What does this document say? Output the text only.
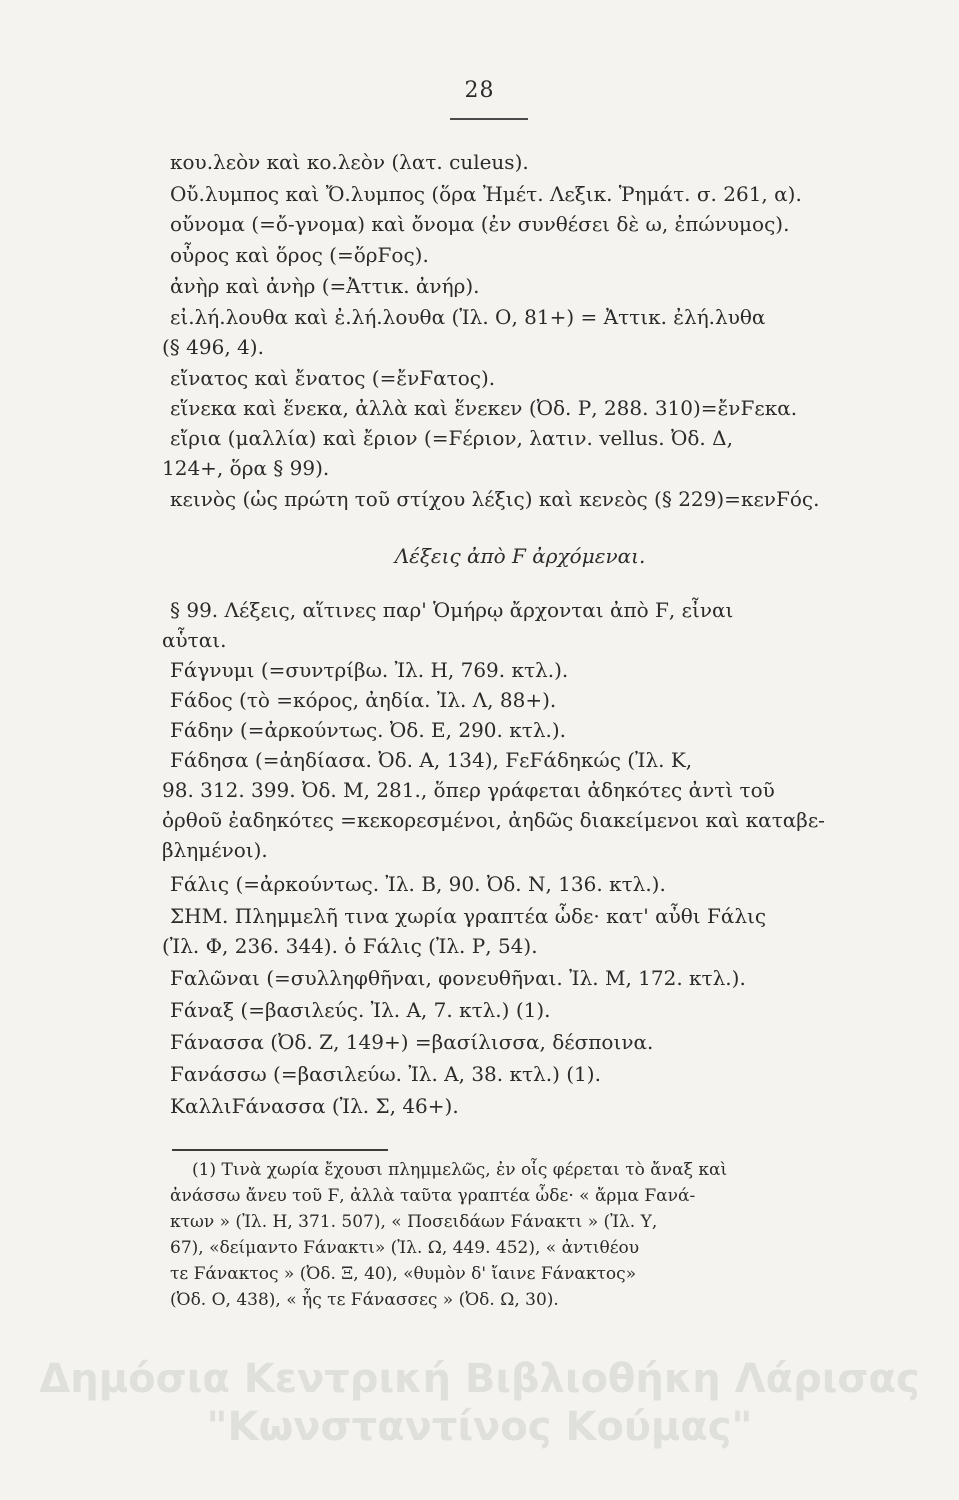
28
κου.λεὸν καὶ κο.λεὸν (λατ. culeus).
Οὔ.λυμπος καὶ Ὄ.λυμπος (ὅρα Ἠμέτ. Λεξικ. Ῥημάτ. σ. 261, α).
οὔνομα (=ὄ-γνομα) καὶ ὄνομα (ἐν συνθέσει δὲ ω, ἐπώνυμος).
οὖρος καὶ ὅρος (=ὅρϜος).
ἀνὴρ καὶ ἀνὴρ (=Ἀττικ. ἀνήρ).
εἰ.λή.λουθα καὶ ἐ.λή.λουθα (Ἰλ. Ο, 81+) = Ἀττικ. ἐλή.λυθα
(§ 496, 4).
εἴνατος καὶ ἔνατος (=ἔνϜατος).
εἵνεκα καὶ ἕνεκα, ἀλλὰ καὶ ἕνεκεν (Ὀδ. Ρ, 288. 310)=ἔνϜεκα.
εἴρια (μαλλία) καὶ ἔριον (=Ϝέριον, λατιν. vellus. Ὀδ. Δ,
124+, ὅρα § 99).
κεινὸς (ὡς πρώτη τοῦ στίχου λέξις) καὶ κενεὸς (§ 229)=κενϜός.
Λέξεις ἀπὸ Ϝ ἀρχόμεναι.
§ 99. Λέξεις, αἵτινες παρ' Ὁμήρῳ ἄρχονται ἀπὸ Ϝ, εἶναι
αὗται.
Ϝάγνυμι (=συντρίβω. Ἰλ. Η, 769. κτλ.).
Ϝάδος (τὸ =κόρος, ἀηδία. Ἰλ. Λ, 88+).
Ϝάδην (=ἀρκούντως. Ὀδ. Ε, 290. κτλ.).
Ϝάδησα (=ἀηδίασα. Ὀδ. Α, 134), ϜεϜάδηκώς (Ἰλ. Κ,
98. 312. 399. Ὀδ. Μ, 281., ὅπερ γράφεται ἀδηκότες ἀντὶ τοῦ
ὀρθοῦ ἐαδηκότες =κεκορεσμένοι, ἀηδῶς διακείμενοι καὶ καταβε-
βλημένοι).
Ϝάλις (=ἀρκούντως. Ἰλ. Β, 90. Ὀδ. Ν, 136. κτλ.).
ΣΗΜ. Πλημμελῆ τινα χωρία γραπτέα ὧδε· κατ' αὖθι Ϝάλις
(Ἰλ. Φ, 236. 344). ὁ Ϝάλις (Ἰλ. Ρ, 54).
Ϝαλῶναι (=συλληφθῆναι, φονευθῆναι. Ἰλ. Μ, 172. κτλ.).
Ϝάναξ (=βασιλεύς. Ἰλ. Α, 7. κτλ.) (1).
Ϝάνασσα (Ὀδ. Ζ, 149+) =βασίλισσα, δέσποινα.
Ϝανάσσω (=βασιλεύω. Ἰλ. Α, 38. κτλ.) (1).
ΚαλλιϜάνασσα (Ἰλ. Σ, 46+).
(1) Τινὰ χωρία ἔχουσι πλημμελῶς, ἐν οἷς φέρεται τὸ ἄναξ καὶ
ἀνάσσω ἄνευ τοῦ Ϝ, ἀλλὰ ταῦτα γραπτέα ὧδε· « ἄρμα Ϝανά-
κτων » (Ἰλ. Η, 371. 507), « Ποσειδάων Ϝάνακτι » (Ἰλ. Υ,
67), «δείμαντο Ϝάνακτι» (Ἰλ. Ω, 449. 452), « ἀντιθέου
τε Ϝάνακτος » (Ὀδ. Ξ, 40), «θυμὸν δ' ἴαινε Ϝάνακτος»
(Ὀδ. Ο, 438), « ἧς τε Ϝάνασσες » (Ὀδ. Ω, 30).
Δημόσια Κεντρική Βιβλιοθήκη Λάρισας
"Κωνσταντίνος Κούμας"
